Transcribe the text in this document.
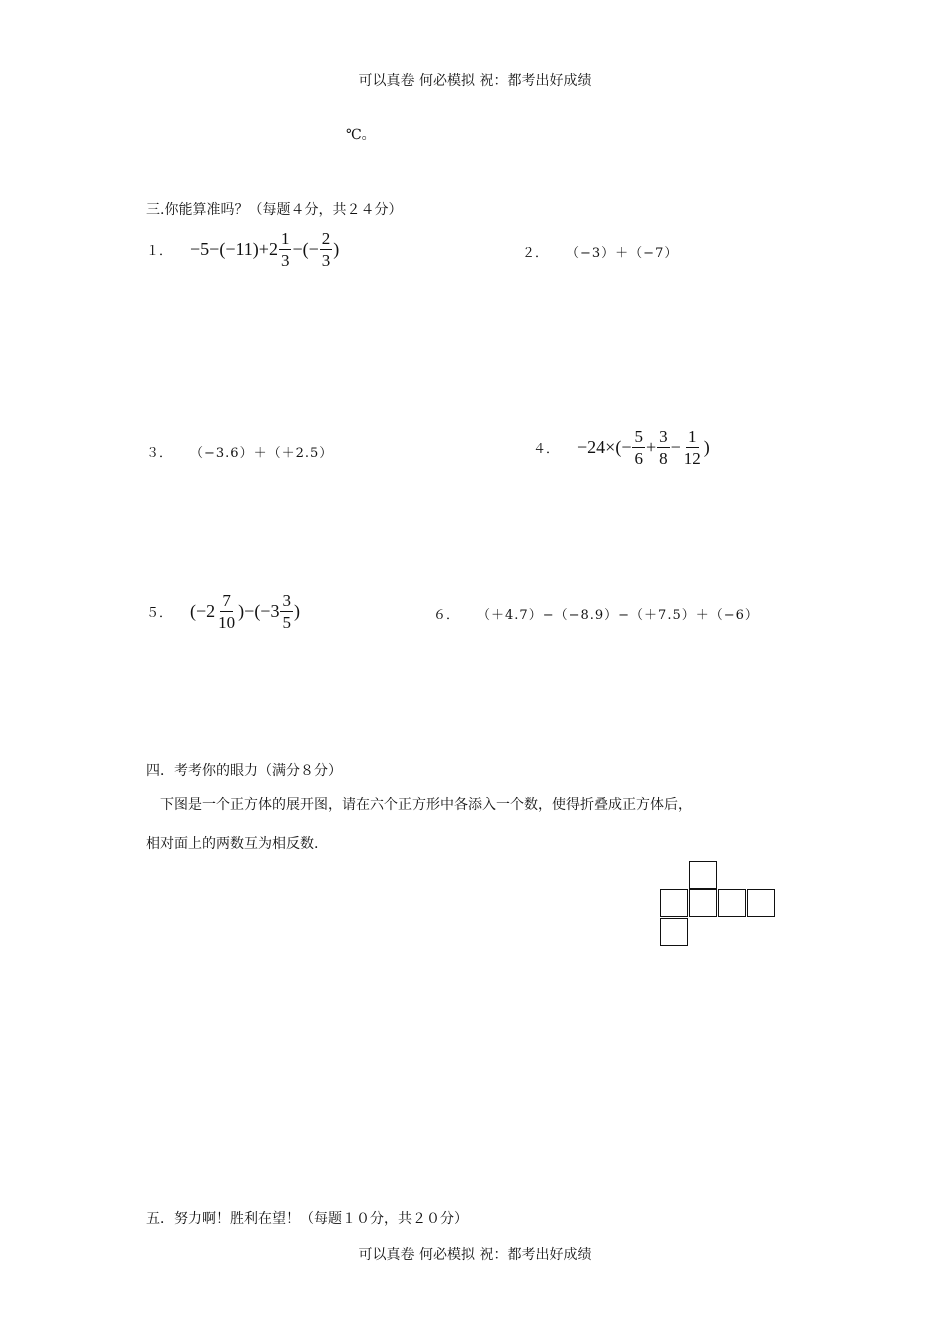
可以真卷 何必模拟 祝：都考出好成绩
℃。
三.你能算准吗？（每题４分，共２４分）
１． $-5-(-11)+2 \frac{1}{3}$ −(− $\frac{2}{3}$ )	２． （−3）＋（−7）
３． （−3.6）＋（＋2.5）	４． $-24\times(- \frac{5}{6} + \frac{3}{8} - \frac{1}{12}$ )
５． $(-2 \frac{7}{10} )-(-3 \frac{3}{5}$ )	６． （＋4.7）−（−8.9）−（＋7.5）＋（−6）
四．考考你的眼力（满分８分）
下图是一个正方体的展开图，请在六个正方形中各添入一个数，使得折叠成正方体后，
相对面上的两数互为相反数.
五．努力啊！胜利在望！（每题１０分，共２０分）
可以真卷 何必模拟 祝：都考出好成绩
